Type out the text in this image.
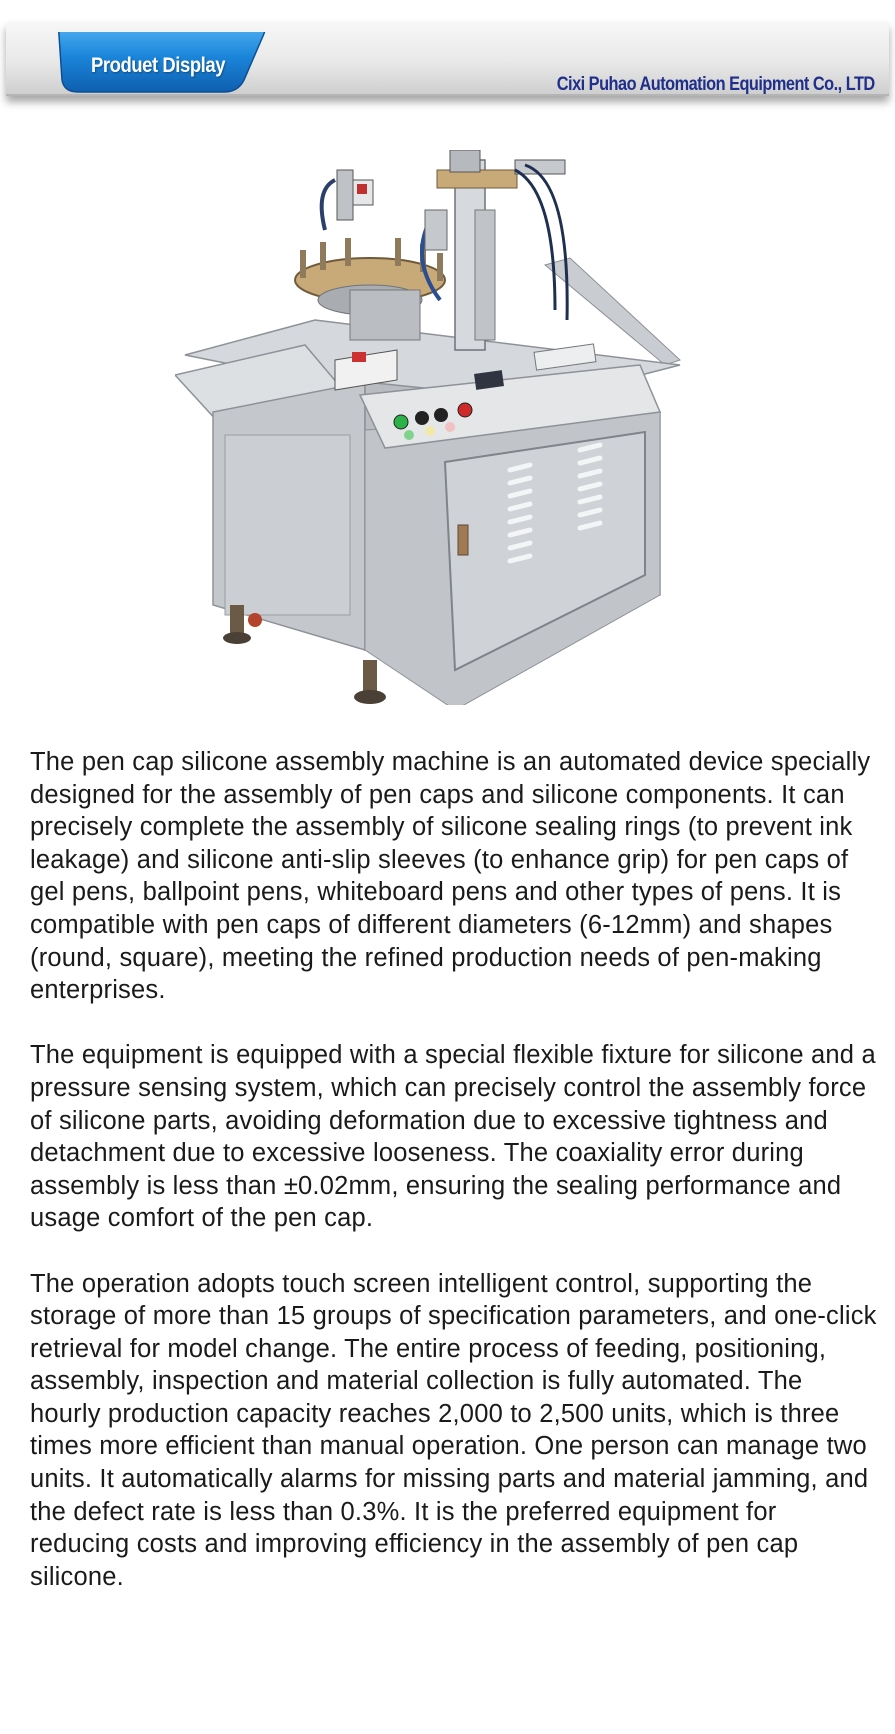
Produet Display
Cixi Puhao Automation Equipment Co., LTD

The pen cap silicone assembly machine is an automated device specially designed for the assembly of pen caps and silicone components. It can precisely complete the assembly of silicone sealing rings (to prevent ink leakage) and silicone anti-slip sleeves (to enhance grip) for pen caps of gel pens, ballpoint pens, whiteboard pens and other types of pens. It is compatible with pen caps of different diameters (6-12mm) and shapes (round, square), meeting the refined production needs of pen-making enterprises.

The equipment is equipped with a special flexible fixture for silicone and a pressure sensing system, which can precisely control the assembly force of silicone parts, avoiding deformation due to excessive tightness and detachment due to excessive looseness. The coaxiality error during assembly is less than ±0.02mm, ensuring the sealing performance and usage comfort of the pen cap.

The operation adopts touch screen intelligent control, supporting the storage of more than 15 groups of specification parameters, and one-click retrieval for model change. The entire process of feeding, positioning, assembly, inspection and material collection is fully automated. The hourly production capacity reaches 2,000 to 2,500 units, which is three times more efficient than manual operation. One person can manage two units. It automatically alarms for missing parts and material jamming, and the defect rate is less than 0.3%. It is the preferred equipment for reducing costs and improving efficiency in the assembly of pen cap silicone.
